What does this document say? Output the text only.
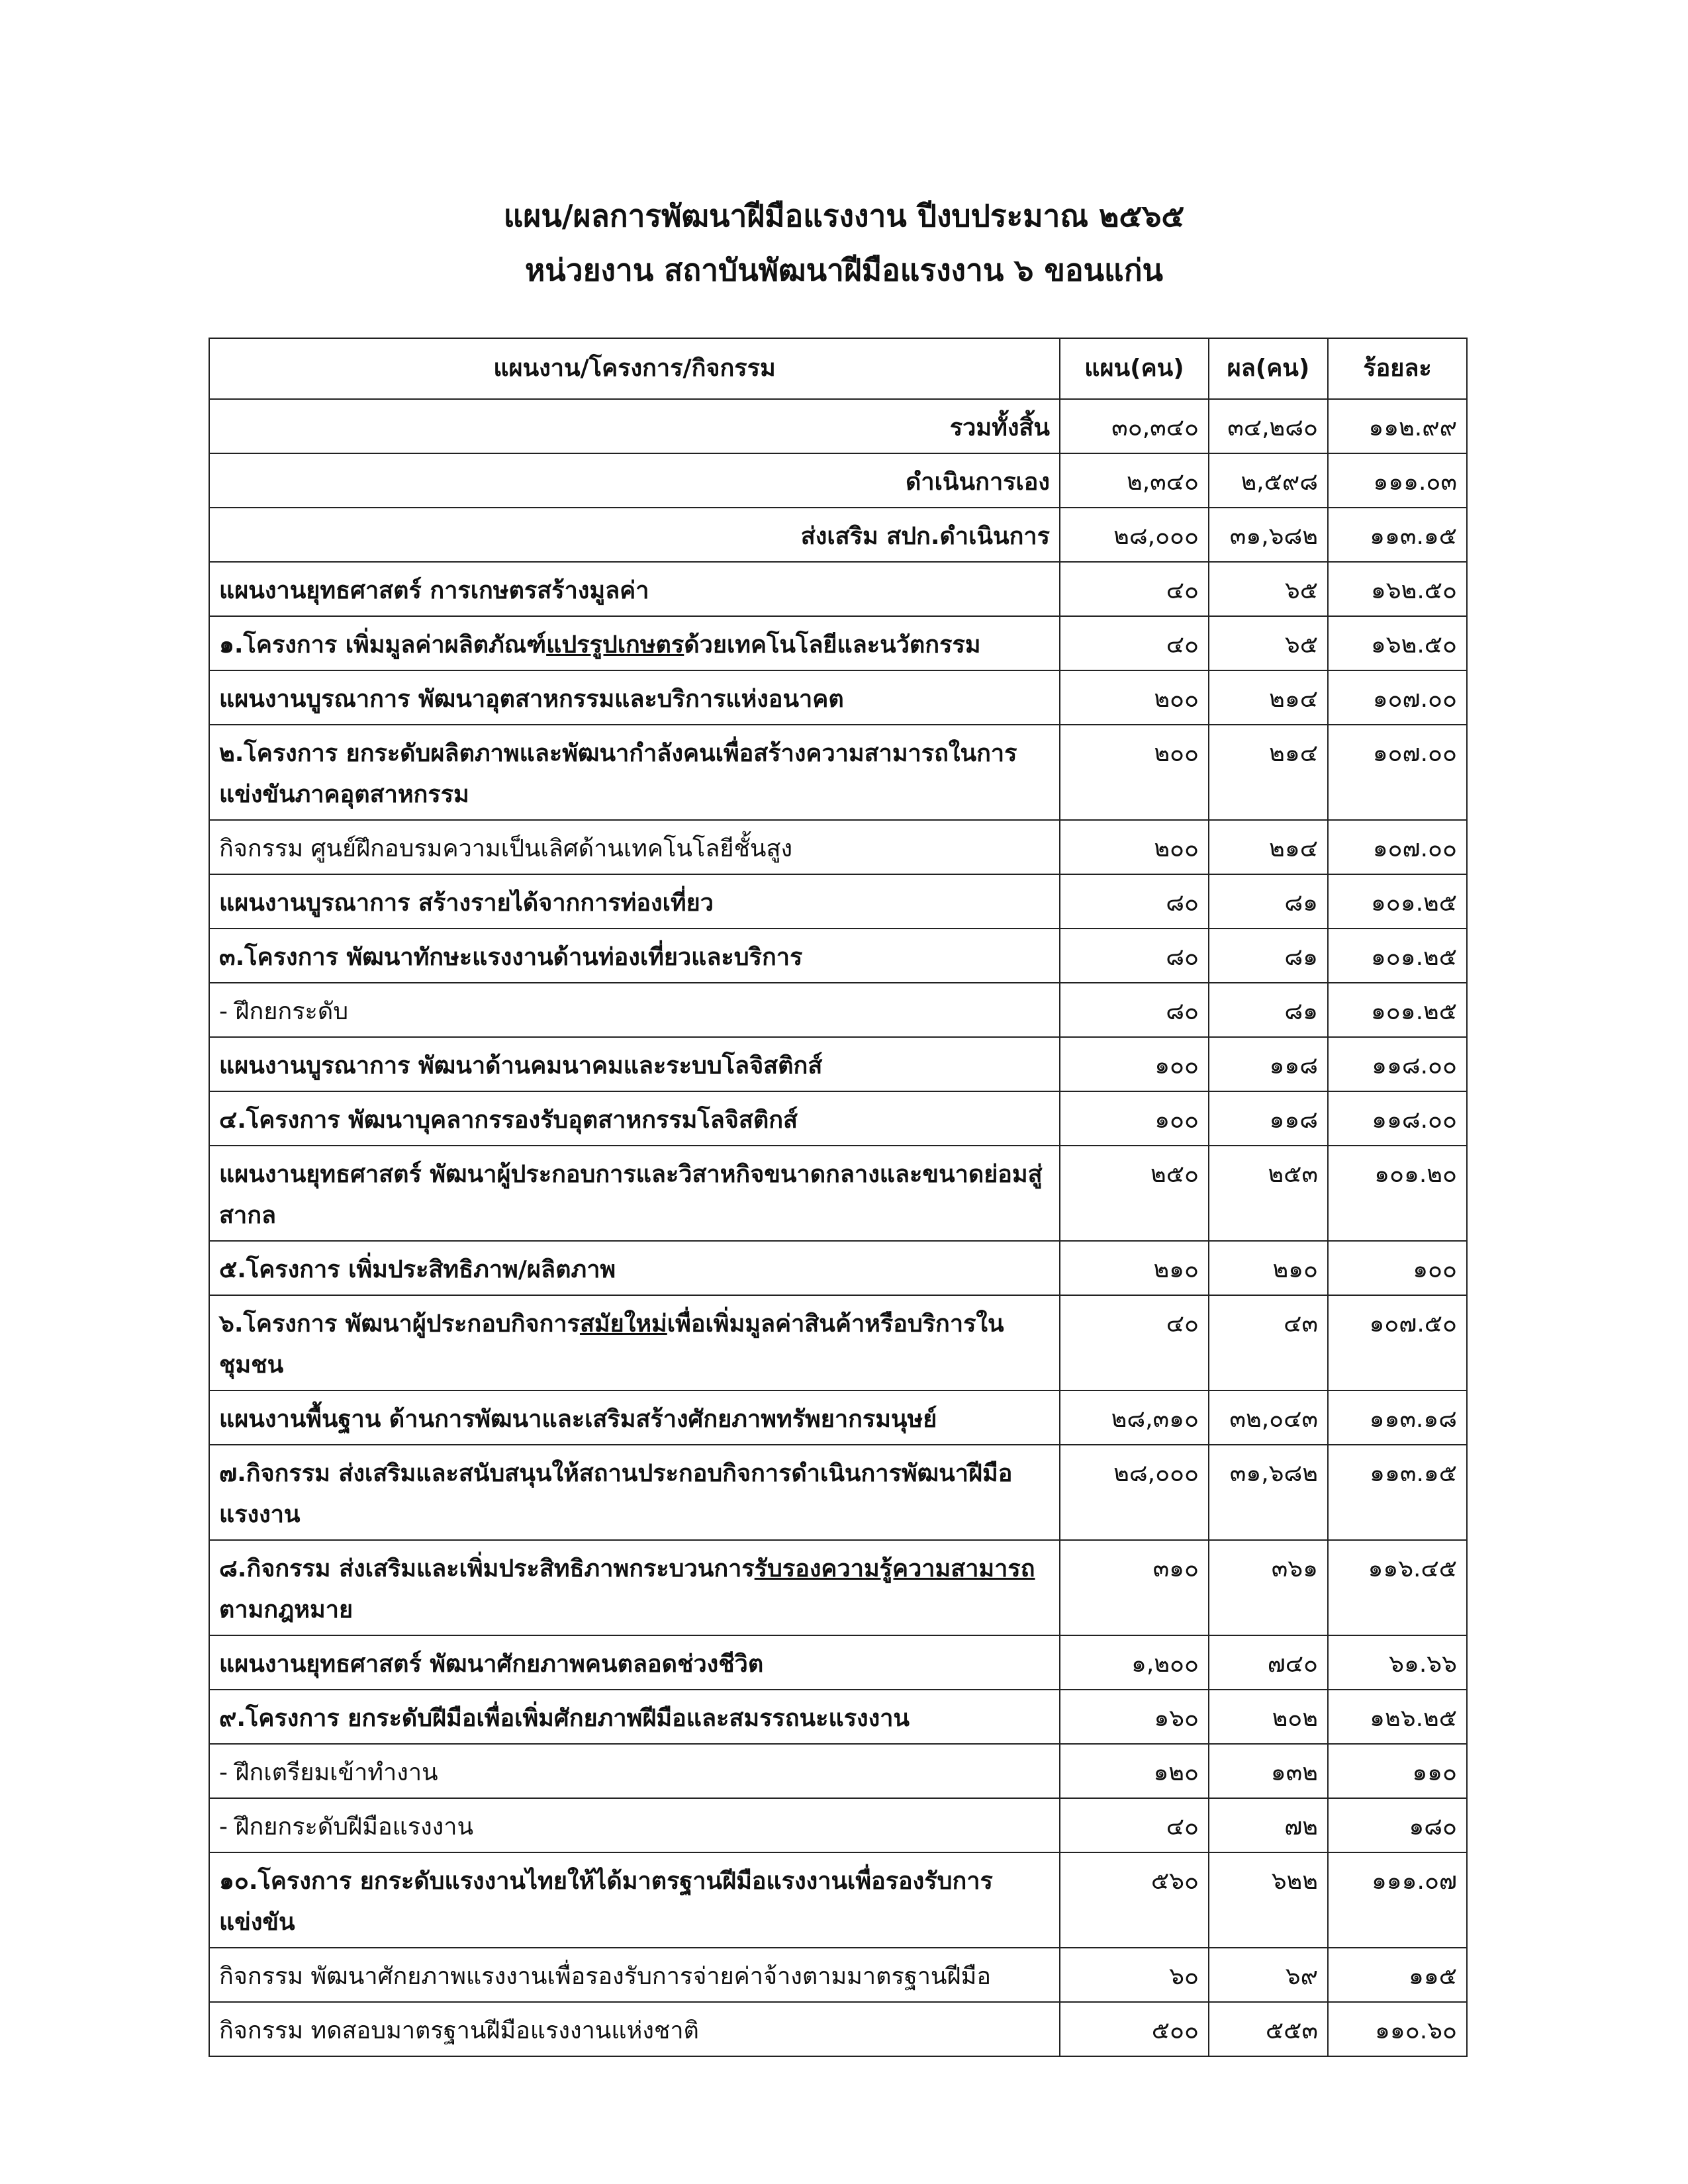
แผน/ผลการพัฒนาฝีมือแรงงาน ปีงบประมาณ ๒๕๖๕
หน่วยงาน สถาบันพัฒนาฝีมือแรงงาน ๖ ขอนแก่น
แผนงาน/โครงการ/กิจกรรม	แผน(คน)	ผล(คน)	ร้อยละ
รวมทั้งสิ้น	๓๐,๓๔๐	๓๔,๒๘๐	๑๑๒.๙๙
ดำเนินการเอง	๒,๓๔๐	๒,๕๙๘	๑๑๑.๐๓
ส่งเสริม สปก.ดำเนินการ	๒๘,๐๐๐	๓๑,๖๘๒	๑๑๓.๑๕
แผนงานยุทธศาสตร์ การเกษตรสร้างมูลค่า	๔๐	๖๕	๑๖๒.๕๐
๑.โครงการ เพิ่มมูลค่าผลิตภัณฑ์แปรรูปเกษตรด้วยเทคโนโลยีและนวัตกรรม	๔๐	๖๕	๑๖๒.๕๐
แผนงานบูรณาการ พัฒนาอุตสาหกรรมและบริการแห่งอนาคต	๒๐๐	๒๑๔	๑๐๗.๐๐
๒.โครงการ ยกระดับผลิตภาพและพัฒนากำลังคนเพื่อสร้างความสามารถในการแข่งขันภาคอุตสาหกรรม	๒๐๐	๒๑๔	๑๐๗.๐๐
กิจกรรม ศูนย์ฝึกอบรมความเป็นเลิศด้านเทคโนโลยีชั้นสูง	๒๐๐	๒๑๔	๑๐๗.๐๐
แผนงานบูรณาการ สร้างรายได้จากการท่องเที่ยว	๘๐	๘๑	๑๐๑.๒๕
๓.โครงการ พัฒนาทักษะแรงงานด้านท่องเที่ยวและบริการ	๘๐	๘๑	๑๐๑.๒๕
- ฝึกยกระดับ	๘๐	๘๑	๑๐๑.๒๕
แผนงานบูรณาการ พัฒนาด้านคมนาคมและระบบโลจิสติกส์	๑๐๐	๑๑๘	๑๑๘.๐๐
๔.โครงการ พัฒนาบุคลากรรองรับอุตสาหกรรมโลจิสติกส์	๑๐๐	๑๑๘	๑๑๘.๐๐
แผนงานยุทธศาสตร์ พัฒนาผู้ประกอบการและวิสาหกิจขนาดกลางและขนาดย่อมสู่สากล	๒๕๐	๒๕๓	๑๐๑.๒๐
๕.โครงการ เพิ่มประสิทธิภาพ/ผลิตภาพ	๒๑๐	๒๑๐	๑๐๐
๖.โครงการ พัฒนาผู้ประกอบกิจการสมัยใหม่เพื่อเพิ่มมูลค่าสินค้าหรือบริการในชุมชน	๔๐	๔๓	๑๐๗.๕๐
แผนงานพื้นฐาน ด้านการพัฒนาและเสริมสร้างศักยภาพทรัพยากรมนุษย์	๒๘,๓๑๐	๓๒,๐๔๓	๑๑๓.๑๘
๗.กิจกรรม ส่งเสริมและสนับสนุนให้สถานประกอบกิจการดำเนินการพัฒนาฝีมือแรงงาน	๒๘,๐๐๐	๓๑,๖๘๒	๑๑๓.๑๕
๘.กิจกรรม ส่งเสริมและเพิ่มประสิทธิภาพกระบวนการรับรองความรู้ความสามารถตามกฎหมาย	๓๑๐	๓๖๑	๑๑๖.๔๕
แผนงานยุทธศาสตร์ พัฒนาศักยภาพคนตลอดช่วงชีวิต	๑,๒๐๐	๗๔๐	๖๑.๖๖
๙.โครงการ ยกระดับฝีมือเพื่อเพิ่มศักยภาพฝีมือและสมรรถนะแรงงาน	๑๖๐	๒๐๒	๑๒๖.๒๕
- ฝึกเตรียมเข้าทำงาน	๑๒๐	๑๓๒	๑๑๐
- ฝึกยกระดับฝีมือแรงงาน	๔๐	๗๒	๑๘๐
๑๐.โครงการ ยกระดับแรงงานไทยให้ได้มาตรฐานฝีมือแรงงานเพื่อรองรับการแข่งขัน	๕๖๐	๖๒๒	๑๑๑.๐๗
กิจกรรม พัฒนาศักยภาพแรงงานเพื่อรองรับการจ่ายค่าจ้างตามมาตรฐานฝีมือ	๖๐	๖๙	๑๑๕
กิจกรรม ทดสอบมาตรฐานฝีมือแรงงานแห่งชาติ	๕๐๐	๕๕๓	๑๑๐.๖๐
